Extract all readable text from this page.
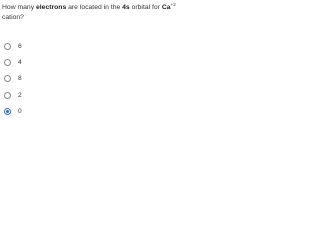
How many electrons are located in the 4s orbital for $Ca^{+2}$
cation?
6
4
8
2
0
